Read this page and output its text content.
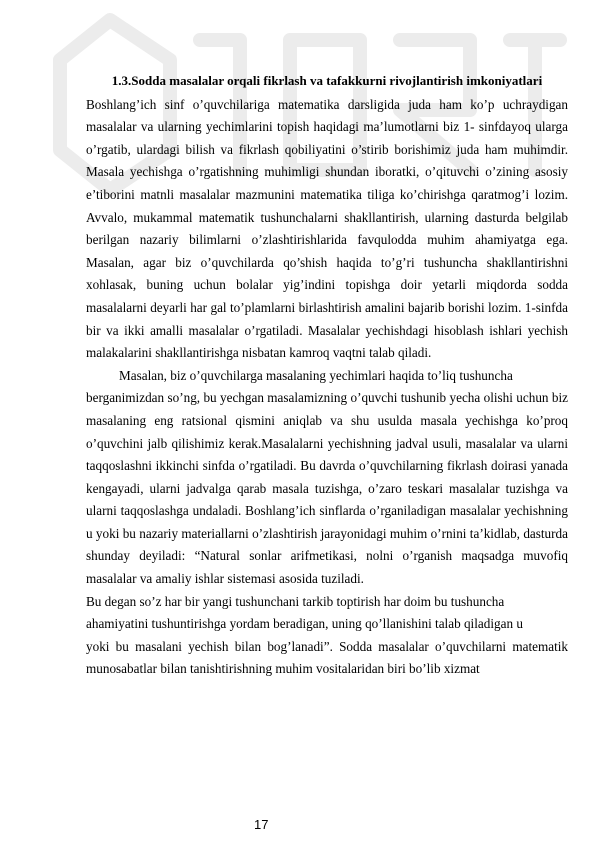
1.3.Sodda masalalar orqali fikrlash va tafakkurni rivojlantirish imkoniyatlari

Boshlang’ich sinf o’quvchilariga matematika darsligida juda ham ko’p uchraydigan masalalar va ularning yechimlarini topish haqidagi ma’lumotlarni biz 1- sinfdayoq ularga o’rgatib, ulardagi bilish va fikrlash qobiliyatini o’stirib borishimiz juda ham muhimdir. Masala yechishga o’rgatishning muhimligi shundan iboratki, o’qituvchi o’zining asosiy e’tiborini matnli masalalar mazmunini matematika tiliga ko’chirishga qaratmog’i lozim. Avvalo, mukammal matematik tushunchalarni shakllantirish, ularning dasturda belgilab berilgan nazariy bilimlarni o’zlashtirishlarida favqulodda muhim ahamiyatga ega. Masalan, agar biz o’quvchilarda qo’shish haqida to’g’ri tushuncha shakllantirishni xohlasak, buning uchun bolalar yig’indini topishga doir yetarli miqdorda sodda masalalarni deyarli har gal to’plamlarni birlashtirish amalini bajarib borishi lozim. 1-sinfda bir va ikki amalli masalalar o’rgatiladi. Masalalar yechishdagi hisoblash ishlari yechish malakalarini shakllantirishga nisbatan kamroq vaqtni talab qiladi.

Masalan, biz o’quvchilarga masalaning yechimlari haqida to’liq tushuncha

berganimizdan so’ng, bu yechgan masalamizning o’quvchi tushunib yecha olishi uchun biz masalaning eng ratsional qismini aniqlab va shu usulda masala yechishga ko’proq o’quvchini jalb qilishimiz kerak.Masalalarni yechishning jadval usuli, masalalar va ularni taqqoslashni ikkinchi sinfda o’rgatiladi. Bu davrda o’quvchilarning fikrlash doirasi yanada kengayadi, ularni jadvalga qarab masala tuzishga, o’zaro teskari masalalar tuzishga va ularni taqqoslashga undaladi. Boshlang’ich sinflarda o’rganiladigan masalalar yechishning u yoki bu nazariy materiallarni o’zlashtirish jarayonidagi muhim o’rnini ta’kidlab, dasturda shunday deyiladi: “Natural sonlar arifmetikasi, nolni o’rganish maqsadga muvofiq masalalar va amaliy ishlar sistemasi asosida tuziladi.

Bu degan so’z har bir yangi tushunchani tarkib toptirish har doim bu tushuncha

ahamiyatini tushuntirishga yordam beradigan, uning qo’llanishini talab qiladigan u

yoki bu masalani yechish bilan bog’lanadi”. Sodda masalalar o’quvchilarni matematik munosabatlar bilan tanishtirishning muhim vositalaridan biri bo’lib xizmat

17
